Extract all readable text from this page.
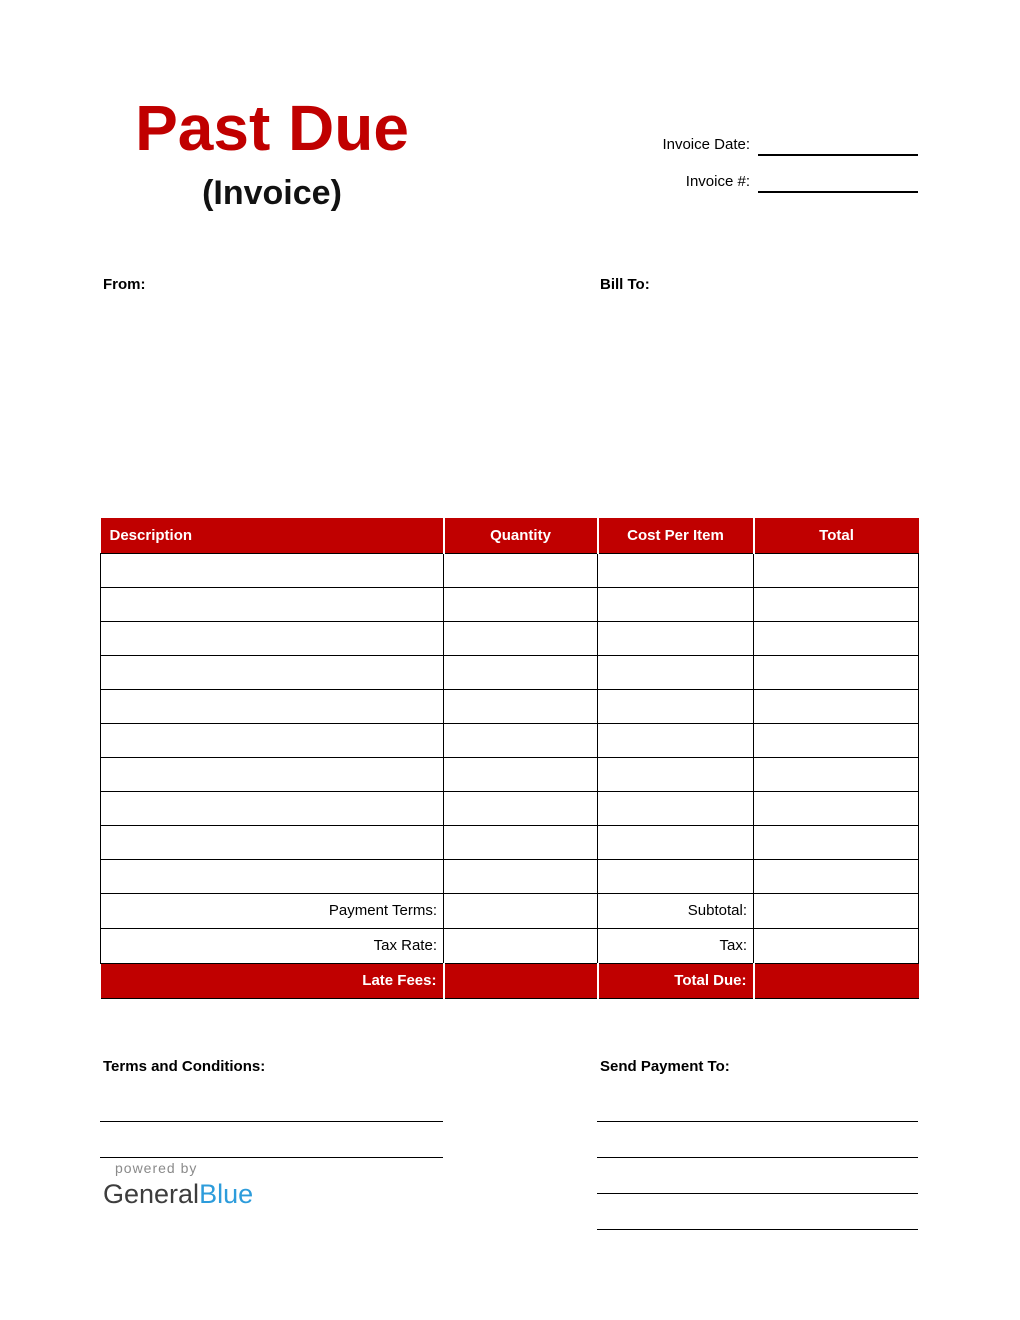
Past Due
(Invoice)
Invoice Date:
Invoice #:
From:	Bill To:
Description	Quantity	Cost Per Item	Total

Payment Terms:		Subtotal:	
Tax Rate:		Tax:	
Late Fees:		Total Due:	
Terms and Conditions:	Send Payment To:
powered by
GeneralBlue
